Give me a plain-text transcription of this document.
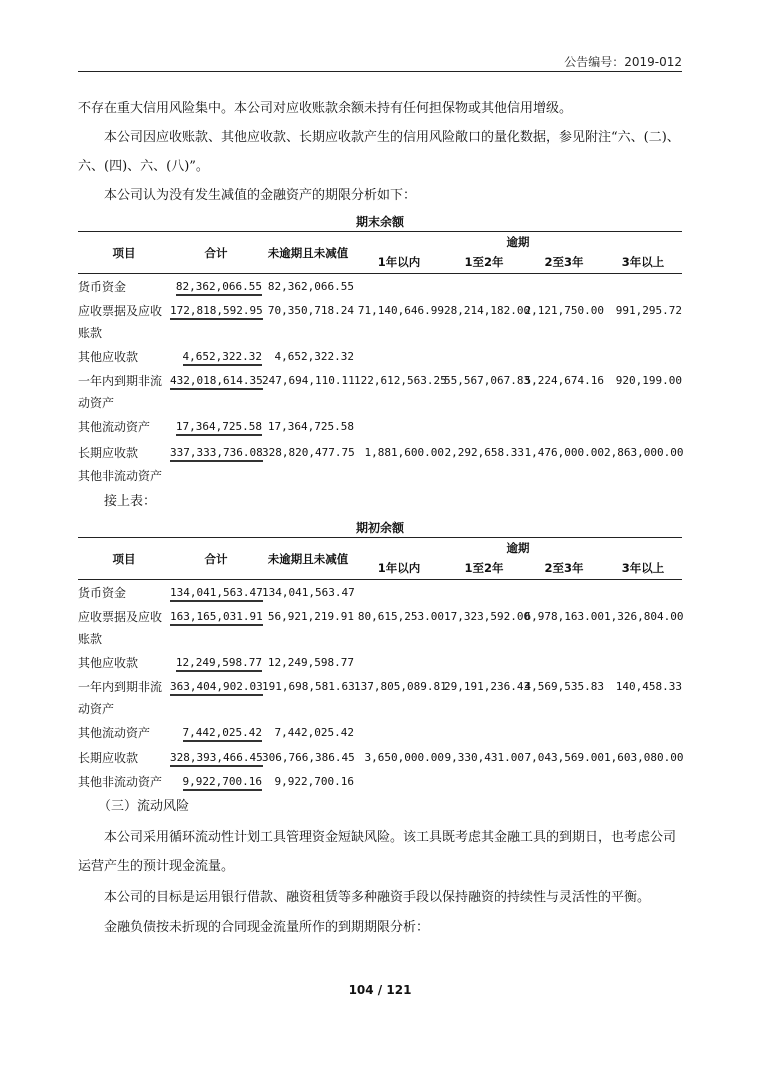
公告编号：2019-012

不存在重大信用风险集中。本公司对应收账款余额未持有任何担保物或其他信用增级。

本公司因应收账款、其他应收款、长期应收款产生的信用风险敞口的量化数据，参见附注“六、(二)、六、(四)、六、(八)”。

本公司认为没有发生减值的金融资产的期限分析如下：

期末余额
项目	合计	未逾期且未减值	逾期			
			1年以内	1至2年	2至3年	3年以上
货币资金	82,362,066.55	82,362,066.55				
应收票据及应收账款	172,818,592.95	70,350,718.24	71,140,646.99	28,214,182.00	2,121,750.00	991,295.72
其他应收款	4,652,322.32	4,652,322.32				
一年内到期非流动资产	432,018,614.35	247,694,110.11	122,612,563.25	55,567,067.83	5,224,674.16	920,199.00
其他流动资产	17,364,725.58	17,364,725.58				
长期应收款	337,333,736.08	328,820,477.75	1,881,600.00	2,292,658.33	1,476,000.00	2,863,000.00
其他非流动资产						

接上表：

期初余额
项目	合计	未逾期且未减值	逾期			
			1年以内	1至2年	2至3年	3年以上
货币资金	134,041,563.47	134,041,563.47				
应收票据及应收账款	163,165,031.91	56,921,219.91	80,615,253.00	17,323,592.00	6,978,163.00	1,326,804.00
其他应收款	12,249,598.77	12,249,598.77				
一年内到期非流动资产	363,404,902.03	191,698,581.63	137,805,089.81	29,191,236.43	4,569,535.83	140,458.33
其他流动资产	7,442,025.42	7,442,025.42				
长期应收款	328,393,466.45	306,766,386.45	3,650,000.00	9,330,431.00	7,043,569.00	1,603,080.00
其他非流动资产	9,922,700.16	9,922,700.16				

（三）流动风险

本公司采用循环流动性计划工具管理资金短缺风险。该工具既考虑其金融工具的到期日，也考虑公司运营产生的预计现金流量。

本公司的目标是运用银行借款、融资租赁等多种融资手段以保持融资的持续性与灵活性的平衡。

金融负债按未折现的合同现金流量所作的到期期限分析：

104 / 121
